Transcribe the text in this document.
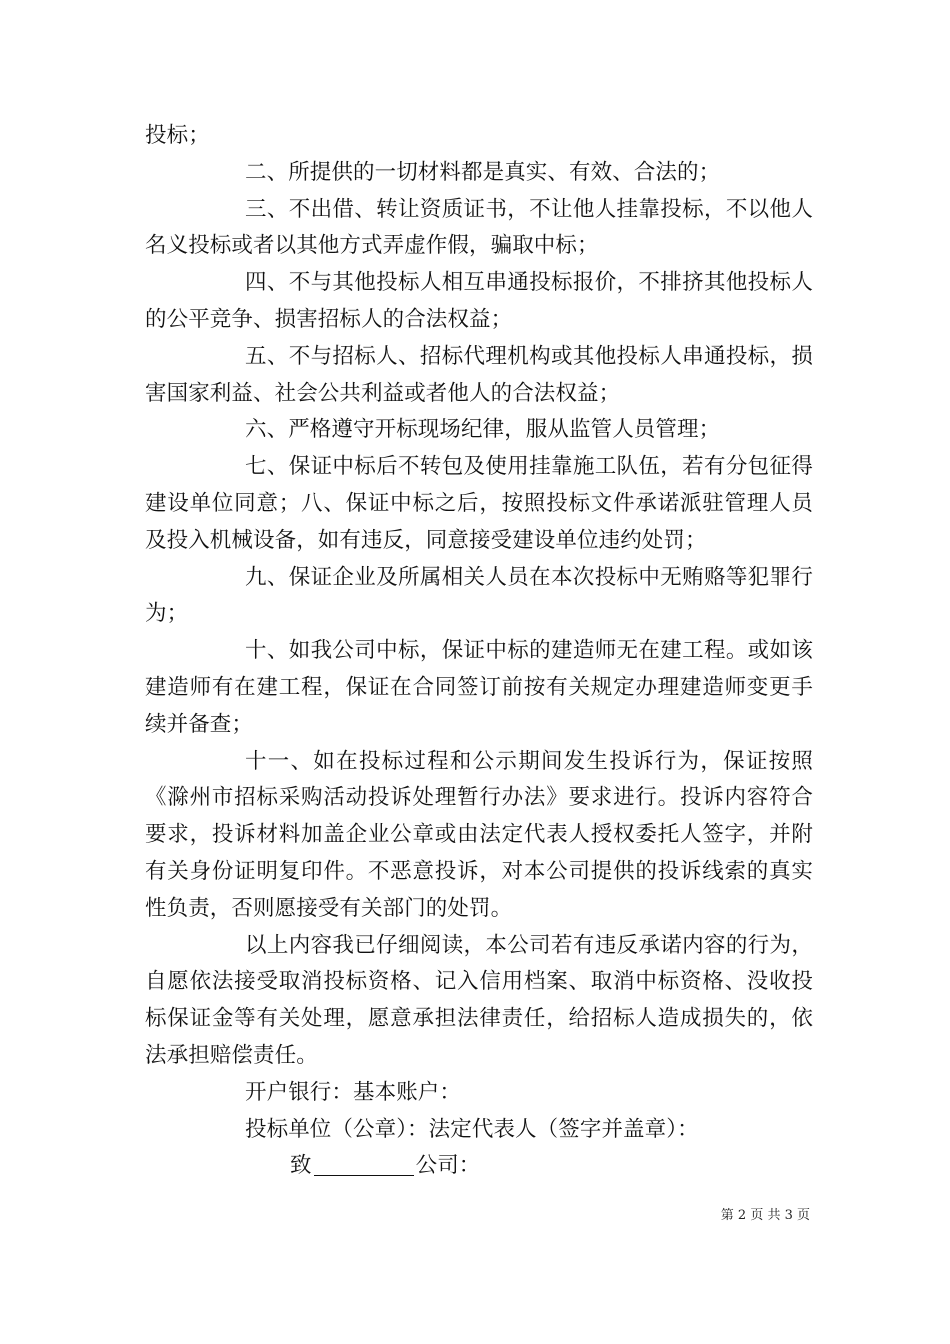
投标；

二、所提供的一切材料都是真实、有效、合法的；

三、不出借、转让资质证书，不让他人挂靠投标，不以他人名义投标或者以其他方式弄虚作假，骗取中标；

四、不与其他投标人相互串通投标报价，不排挤其他投标人的公平竞争、损害招标人的合法权益；

五、不与招标人、招标代理机构或其他投标人串通投标，损害国家利益、社会公共利益或者他人的合法权益；

六、严格遵守开标现场纪律，服从监管人员管理；

七、保证中标后不转包及使用挂靠施工队伍，若有分包征得建设单位同意；八、保证中标之后，按照投标文件承诺派驻管理人员及投入机械设备，如有违反，同意接受建设单位违约处罚；

九、保证企业及所属相关人员在本次投标中无贿赂等犯罪行为；

十、如我公司中标，保证中标的建造师无在建工程。或如该建造师有在建工程，保证在合同签订前按有关规定办理建造师变更手续并备查；

十一、如在投标过程和公示期间发生投诉行为，保证按照《滁州市招标采购活动投诉处理暂行办法》要求进行。投诉内容符合要求，投诉材料加盖企业公章或由法定代表人授权委托人签字，并附有关身份证明复印件。不恶意投诉，对本公司提供的投诉线索的真实性负责，否则愿接受有关部门的处罚。

以上内容我已仔细阅读，本公司若有违反承诺内容的行为，自愿依法接受取消投标资格、记入信用档案、取消中标资格、没收投标保证金等有关处理，愿意承担法律责任，给招标人造成损失的，依法承担赔偿责任。

开户银行：基本账户：

投标单位（公章）：法定代表人（签字并盖章）：

致	公司：

第 2 页 共 3 页
